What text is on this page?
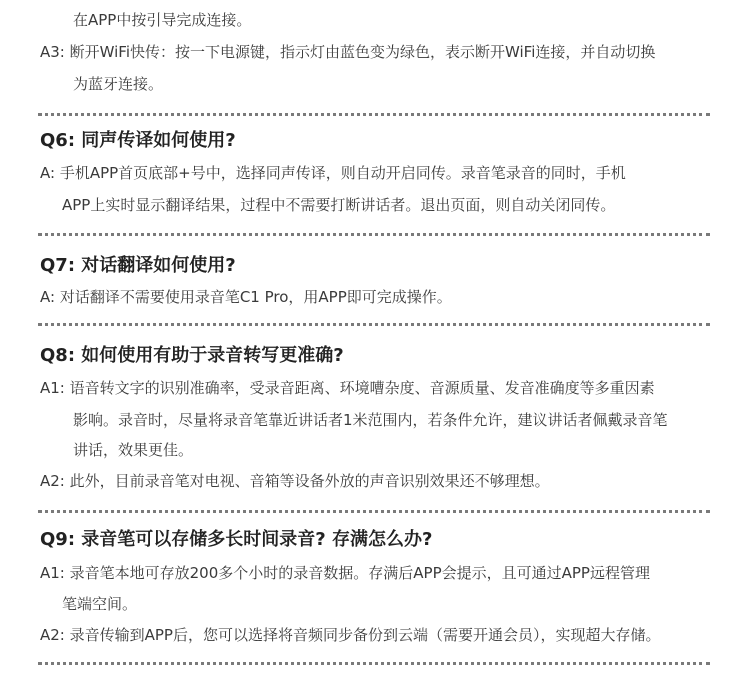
在APP中按引导完成连接。
A3: 断开WiFi快传：按一下电源键，指示灯由蓝色变为绿色，表示断开WiFi连接，并自动切换
为蓝牙连接。
Q6: 同声传译如何使用?
A: 手机APP首页底部+号中，选择同声传译，则自动开启同传。录音笔录音的同时，手机
APP上实时显示翻译结果，过程中不需要打断讲话者。退出页面，则自动关闭同传。
Q7: 对话翻译如何使用?
A: 对话翻译不需要使用录音笔C1 Pro，用APP即可完成操作。
Q8: 如何使用有助于录音转写更准确?
A1: 语音转文字的识别准确率，受录音距离、环境嘈杂度、音源质量、发音准确度等多重因素
影响。录音时，尽量将录音笔靠近讲话者1米范围内，若条件允许，建议讲话者佩戴录音笔
讲话，效果更佳。
A2: 此外，目前录音笔对电视、音箱等设备外放的声音识别效果还不够理想。
Q9: 录音笔可以存储多长时间录音? 存满怎么办?
A1: 录音笔本地可存放200多个小时的录音数据。存满后APP会提示，且可通过APP远程管理
笔端空间。
A2: 录音传输到APP后，您可以选择将音频同步备份到云端（需要开通会员），实现超大存储。
